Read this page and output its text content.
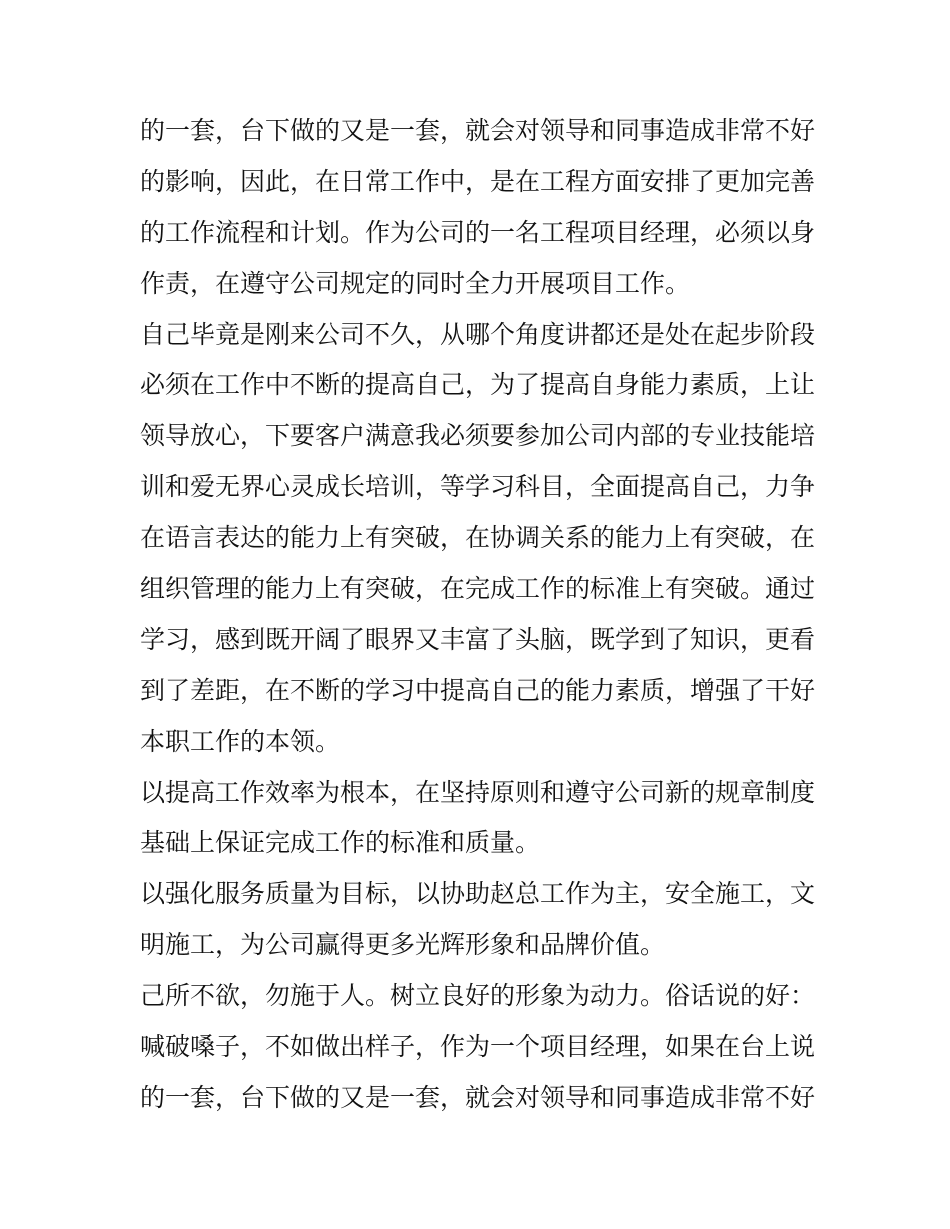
的一套，台下做的又是一套，就会对领导和同事造成非常不好
的影响，因此，在日常工作中，是在工程方面安排了更加完善
的工作流程和计划。作为公司的一名工程项目经理，必须以身
作责，在遵守公司规定的同时全力开展项目工作。
自己毕竟是刚来公司不久，从哪个角度讲都还是处在起步阶段
必须在工作中不断的提高自己，为了提高自身能力素质，上让
领导放心，下要客户满意我必须要参加公司内部的专业技能培
训和爱无界心灵成长培训，等学习科目，全面提高自己，力争
在语言表达的能力上有突破，在协调关系的能力上有突破，在
组织管理的能力上有突破，在完成工作的标准上有突破。通过
学习，感到既开阔了眼界又丰富了头脑，既学到了知识，更看
到了差距，在不断的学习中提高自己的能力素质，增强了干好
本职工作的本领。
以提高工作效率为根本，在坚持原则和遵守公司新的规章制度
基础上保证完成工作的标准和质量。
以强化服务质量为目标，以协助赵总工作为主，安全施工，文
明施工，为公司赢得更多光辉形象和品牌价值。
己所不欲，勿施于人。树立良好的形象为动力。俗话说的好：
喊破嗓子，不如做出样子，作为一个项目经理，如果在台上说
的一套，台下做的又是一套，就会对领导和同事造成非常不好
